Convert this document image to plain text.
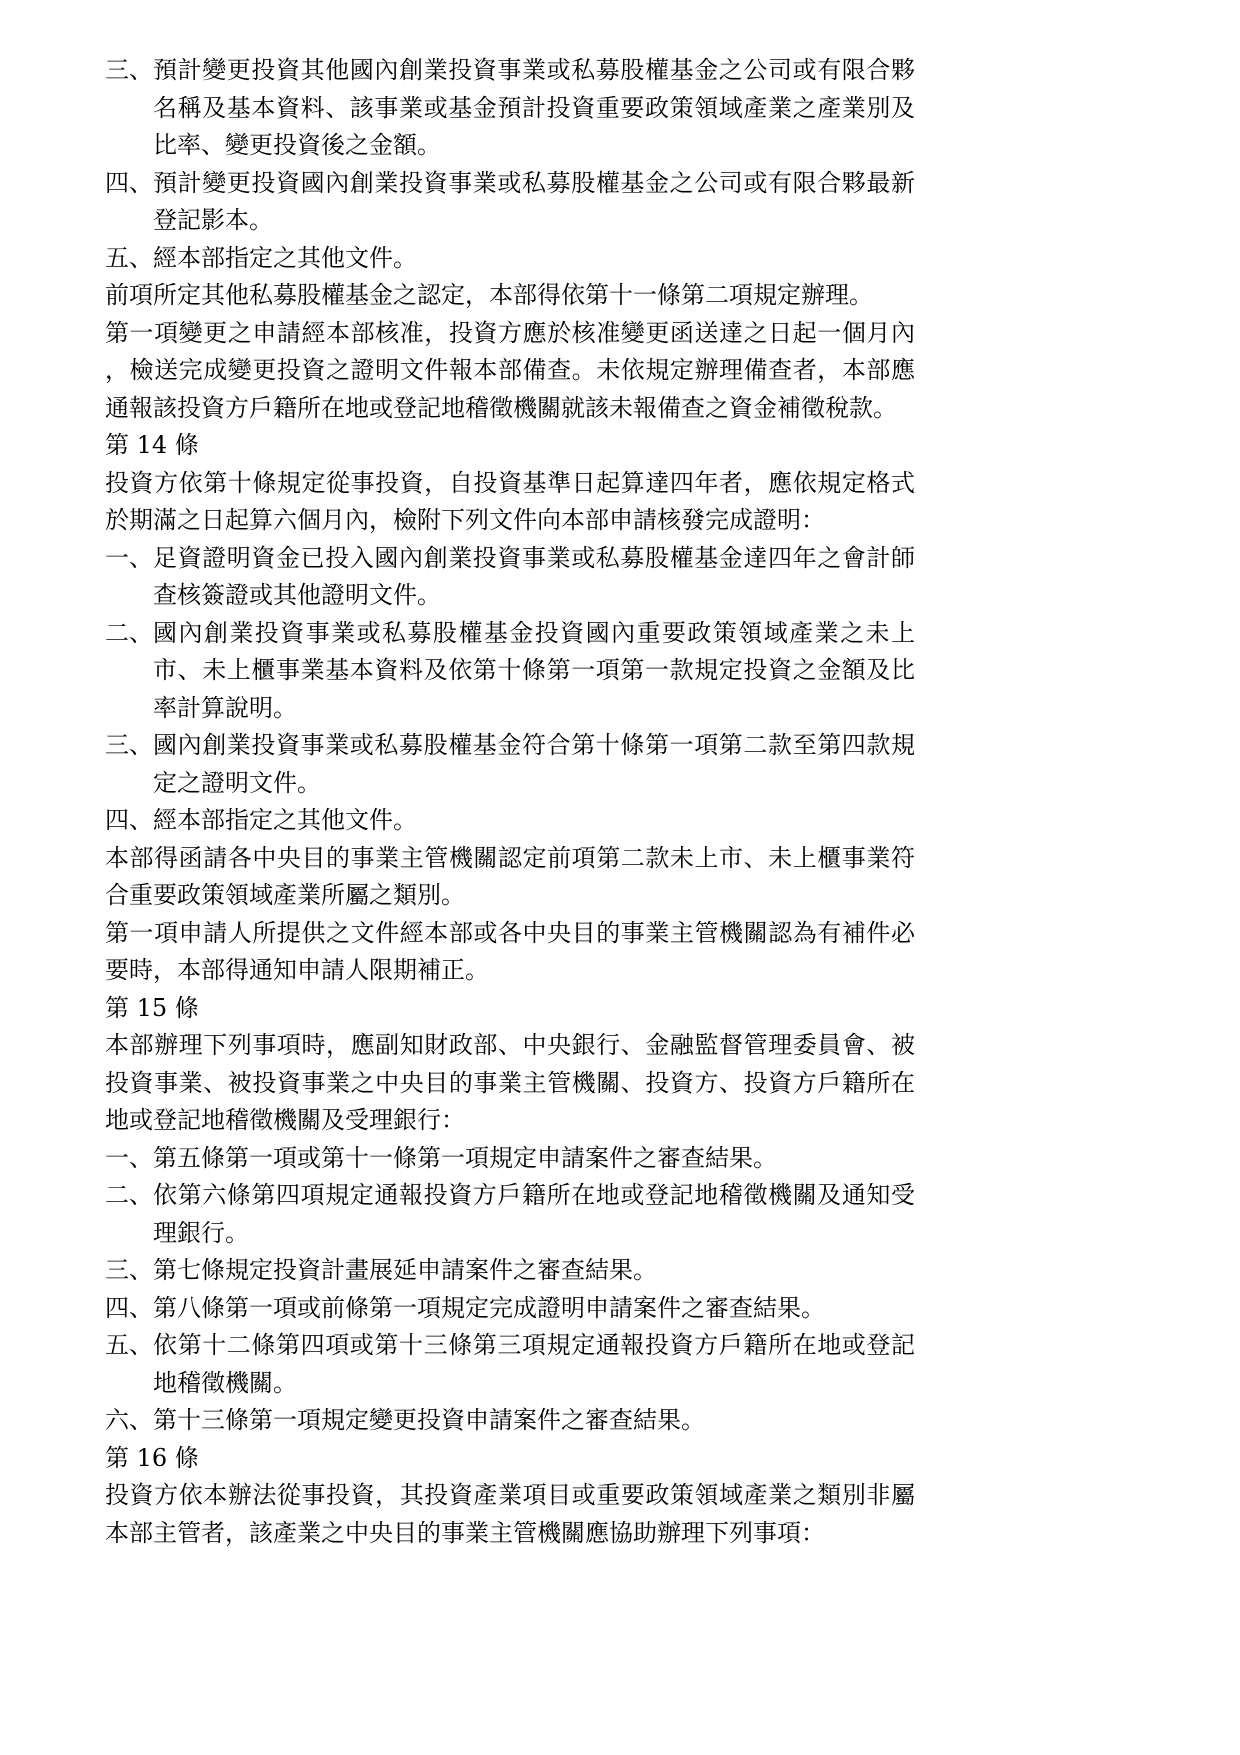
三、 預計變更投資其他國內創業投資事業或私募股權基金之公司或有限合夥名稱及基本資料、該事業或基金預計投資重要政策領域產業之產業別及比率、變更投資後之金額。
四、 預計變更投資國內創業投資事業或私募股權基金之公司或有限合夥最新登記影本。
五、 經本部指定之其他文件。

前項所定其他私募股權基金之認定，本部得依第十一條第二項規定辦理。

第一項變更之申請經本部核准，投資方應於核准變更函送達之日起一個月內，檢送完成變更投資之證明文件報本部備查。未依規定辦理備查者，本部應通報該投資方戶籍所在地或登記地稽徵機關就該未報備查之資金補徵稅款。

第 14 條

投資方依第十條規定從事投資，自投資基準日起算達四年者，應依規定格式於期滿之日起算六個月內，檢附下列文件向本部申請核發完成證明：

一、 足資證明資金已投入國內創業投資事業或私募股權基金達四年之會計師查核簽證或其他證明文件。
二、 國內創業投資事業或私募股權基金投資國內重要政策領域產業之未上市、未上櫃事業基本資料及依第十條第一項第一款規定投資之金額及比率計算說明。
三、 國內創業投資事業或私募股權基金符合第十條第一項第二款至第四款規定之證明文件。
四、 經本部指定之其他文件。

本部得函請各中央目的事業主管機關認定前項第二款未上市、未上櫃事業符合重要政策領域產業所屬之類別。

第一項申請人所提供之文件經本部或各中央目的事業主管機關認為有補件必要時，本部得通知申請人限期補正。

第 15 條

本部辦理下列事項時，應副知財政部、中央銀行、金融監督管理委員會、被投資事業、被投資事業之中央目的事業主管機關、投資方、投資方戶籍所在地或登記地稽徵機關及受理銀行：

一、 第五條第一項或第十一條第一項規定申請案件之審查結果。
二、 依第六條第四項規定通報投資方戶籍所在地或登記地稽徵機關及通知受理銀行。
三、 第七條規定投資計畫展延申請案件之審查結果。
四、 第八條第一項或前條第一項規定完成證明申請案件之審查結果。
五、 依第十二條第四項或第十三條第三項規定通報投資方戶籍所在地或登記地稽徵機關。
六、 第十三條第一項規定變更投資申請案件之審查結果。

第 16 條

投資方依本辦法從事投資，其投資產業項目或重要政策領域產業之類別非屬本部主管者，該產業之中央目的事業主管機關應協助辦理下列事項：
